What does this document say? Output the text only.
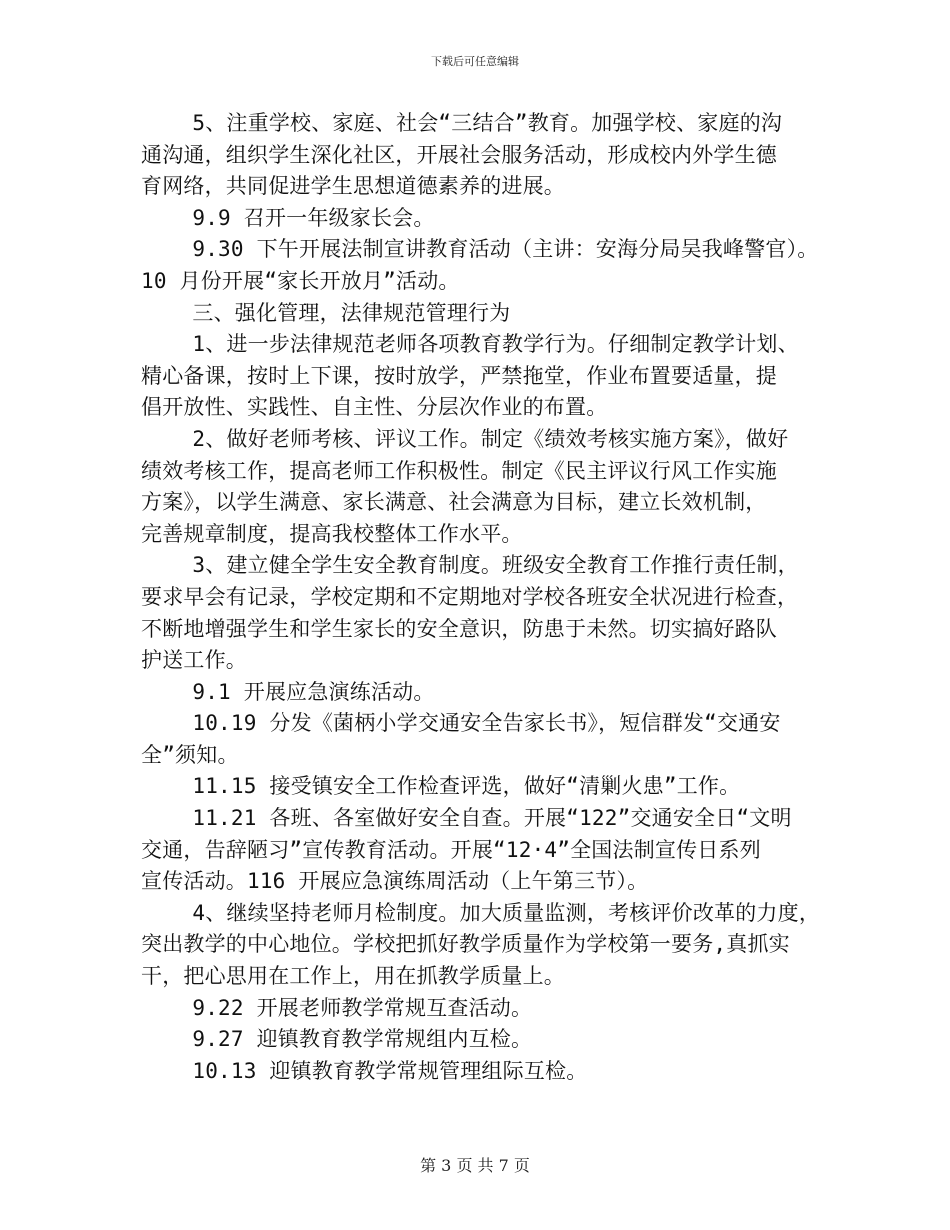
下载后可任意编辑

5、注重学校、家庭、社会“三结合”教育。加强学校、家庭的沟
通沟通，组织学生深化社区，开展社会服务活动，形成校内外学生德
育网络，共同促进学生思想道德素养的进展。

9.9 召开一年级家长会。

9.30 下午开展法制宣讲教育活动（主讲：安海分局吴我峰警官）。
10 月份开展“家长开放月”活动。

三、强化管理，法律规范管理行为

1、进一步法律规范老师各项教育教学行为。仔细制定教学计划、
精心备课，按时上下课，按时放学，严禁拖堂，作业布置要适量，提
倡开放性、实践性、自主性、分层次作业的布置。

2、做好老师考核、评议工作。制定《绩效考核实施方案》，做好
绩效考核工作，提高老师工作积极性。制定《民主评议行风工作实施
方案》，以学生满意、家长满意、社会满意为目标，建立长效机制，
完善规章制度，提高我校整体工作水平。

3、建立健全学生安全教育制度。班级安全教育工作推行责任制，
要求早会有记录，学校定期和不定期地对学校各班安全状况进行检查，
不断地增强学生和学生家长的安全意识，防患于未然。切实搞好路队
护送工作。

9.1 开展应急演练活动。

10.19 分发《菌柄小学交通安全告家长书》，短信群发“交通安
全”须知。

11.15 接受镇安全工作检查评选，做好“清剿火患”工作。

11.21 各班、各室做好安全自查。开展“122”交通安全日“文明
交通，告辞陋习”宣传教育活动。开展“12·4”全国法制宣传日系列
宣传活动。116 开展应急演练周活动（上午第三节）。

4、继续坚持老师月检制度。加大质量监测，考核评价改革的力度，
突出教学的中心地位。学校把抓好教学质量作为学校第一要务,真抓实
干，把心思用在工作上，用在抓教学质量上。

9.22 开展老师教学常规互查活动。

9.27 迎镇教育教学常规组内互检。

10.13 迎镇教育教学常规管理组际互检。

第 3 页 共 7 页
